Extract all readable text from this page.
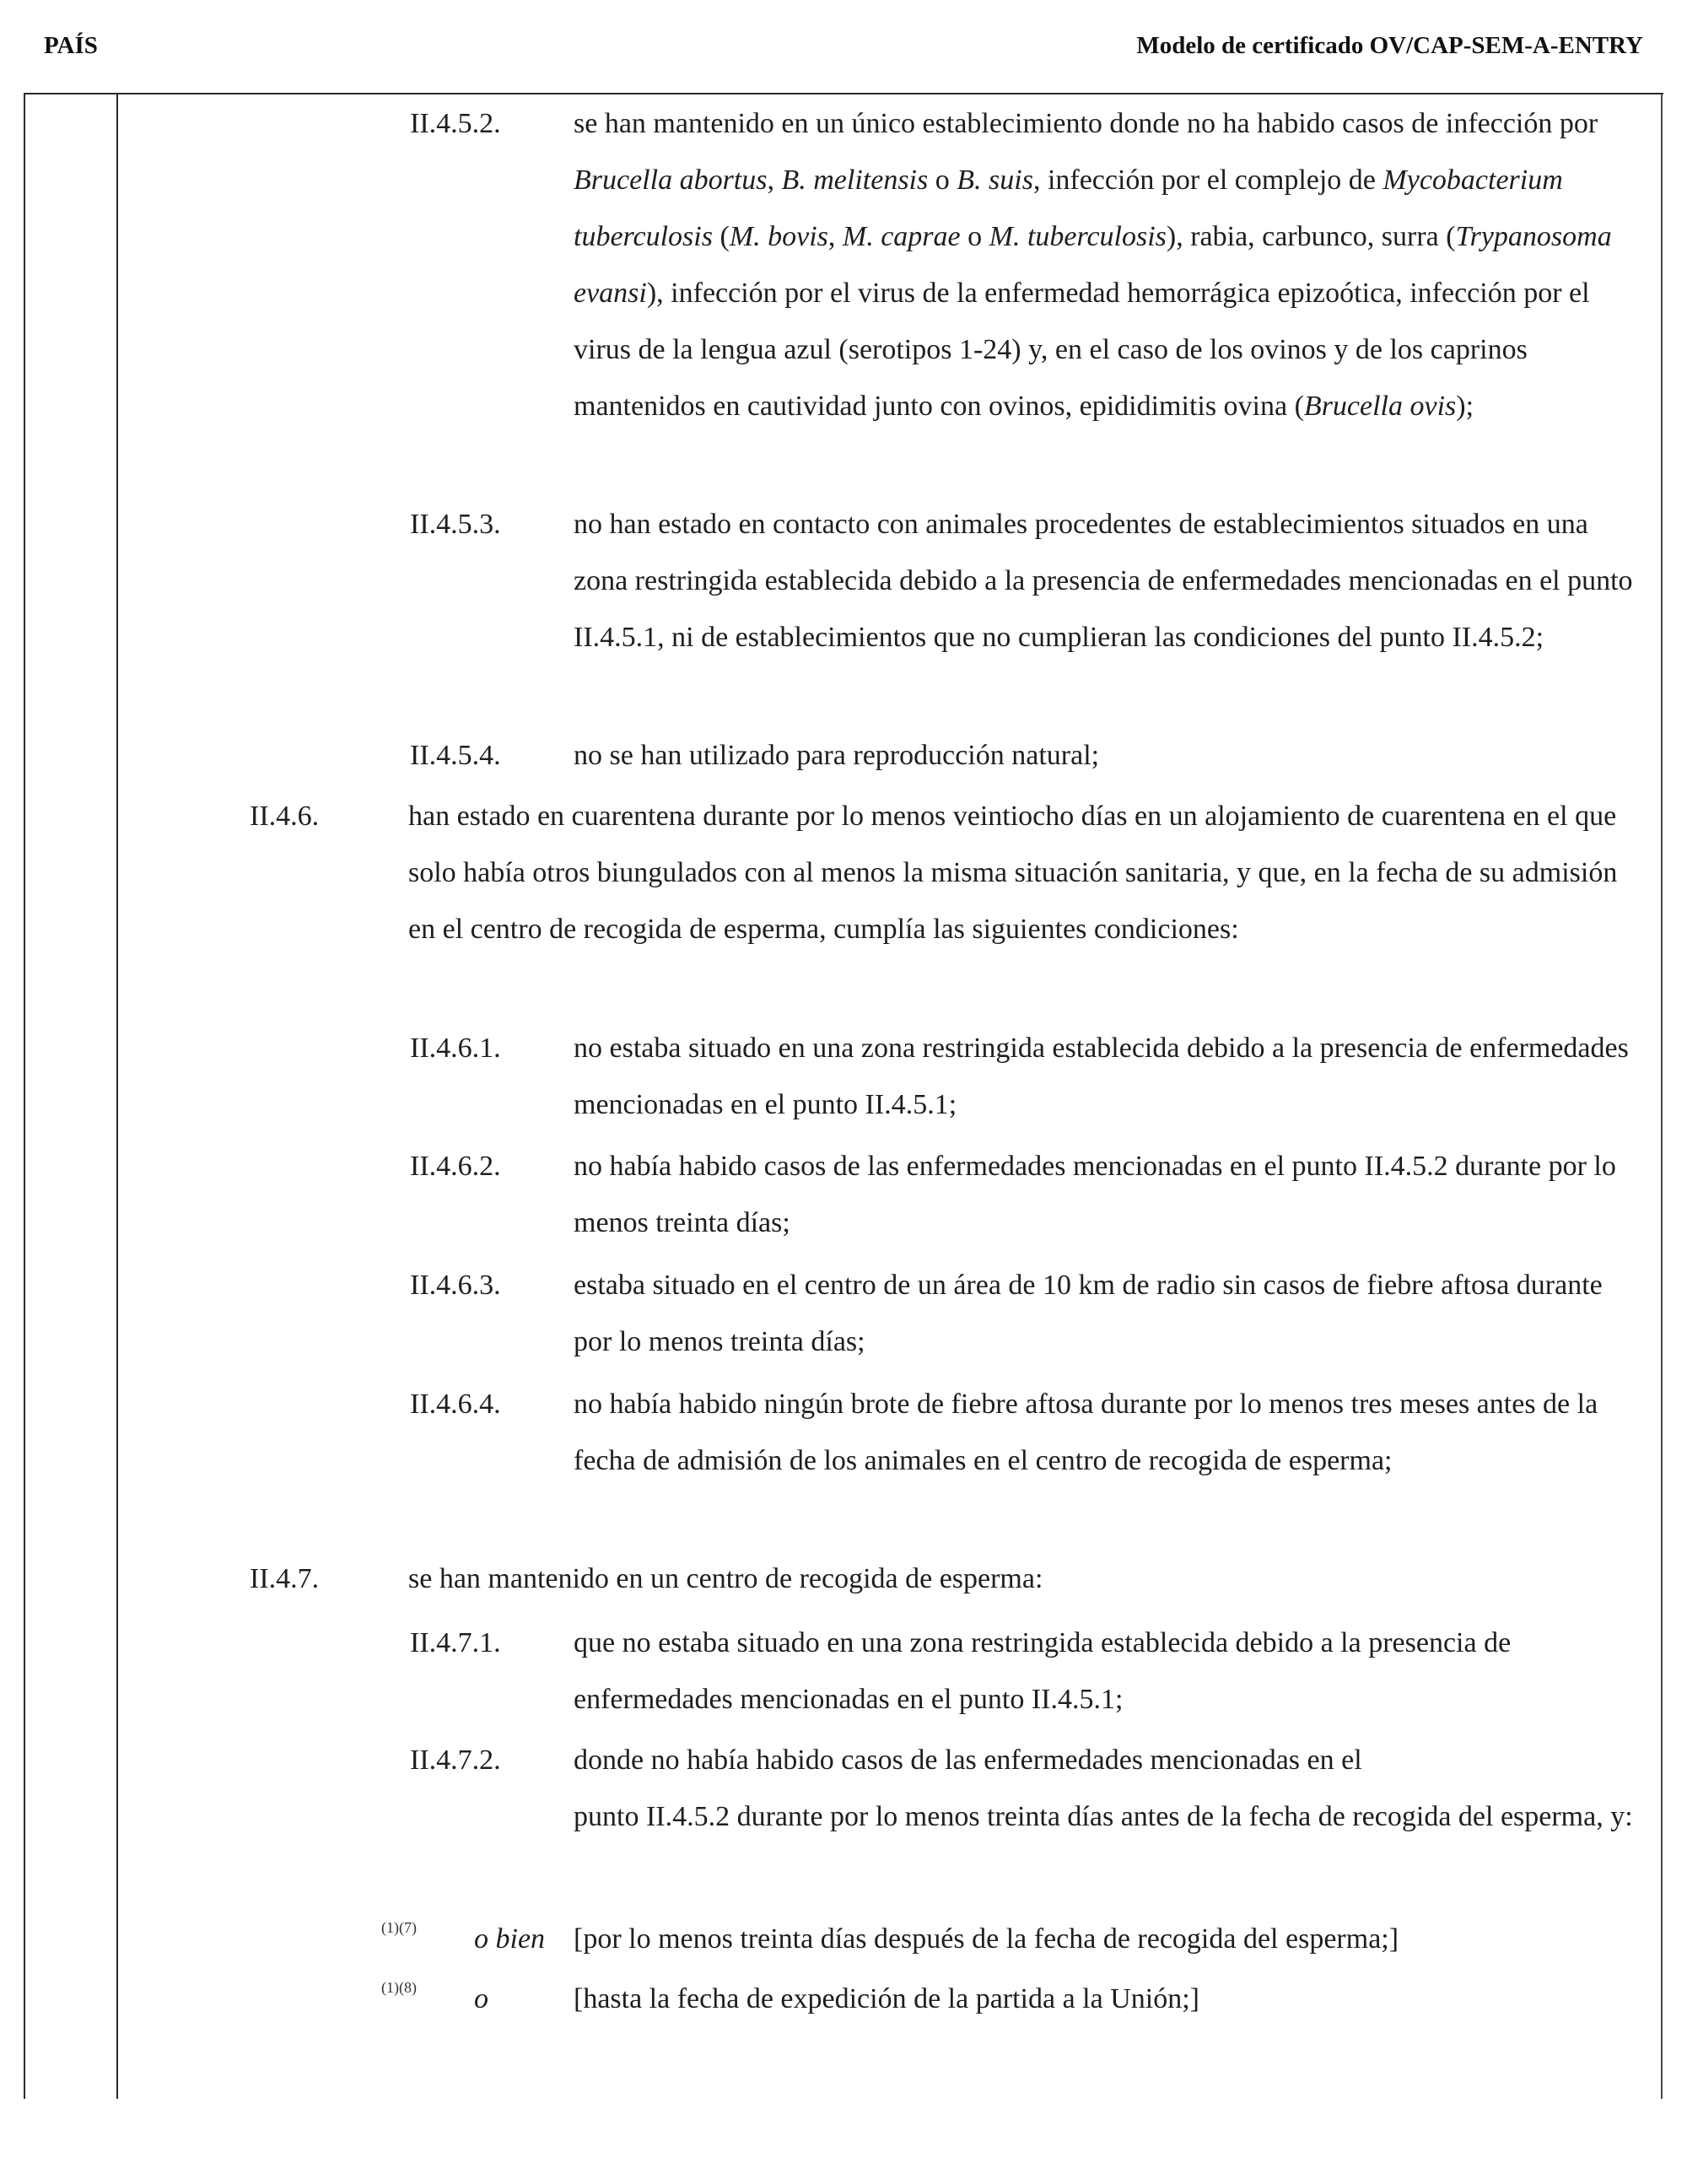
PAÍS	Modelo de certificado OV/CAP-SEM-A-ENTRY
II.4.5.2.	se han mantenido en un único establecimiento donde no ha habido casos de infección por Brucella abortus, B. melitensis o B. suis, infección por el complejo de Mycobacterium tuberculosis (M. bovis, M. caprae o M. tuberculosis), rabia, carbunco, surra (Trypanosoma evansi), infección por el virus de la enfermedad hemorrágica epizoótica, infección por el virus de la lengua azul (serotipos 1-24) y, en el caso de los ovinos y de los caprinos mantenidos en cautividad junto con ovinos, epididimitis ovina (Brucella ovis);

II.4.5.3.	no han estado en contacto con animales procedentes de establecimientos situados en una zona restringida establecida debido a la presencia de enfermedades mencionadas en el punto II.4.5.1, ni de establecimientos que no cumplieran las condiciones del punto II.4.5.2;
II.4.5.4.	no se han utilizado para reproducción natural;
II.4.6.	han estado en cuarentena durante por lo menos veintiocho días en un alojamiento de cuarentena en el que solo había otros biungulados con al menos la misma situación sanitaria, y que, en la fecha de su admisión en el centro de recogida de esperma, cumplía las siguientes condiciones:
II.4.6.1.	no estaba situado en una zona restringida establecida debido a la presencia de enfermedades mencionadas en el punto II.4.5.1;
II.4.6.2.	no había habido casos de las enfermedades mencionadas en el punto II.4.5.2 durante por lo menos treinta días;
II.4.6.3.	estaba situado en el centro de un área de 10 km de radio sin casos de fiebre aftosa durante por lo menos treinta días;
II.4.6.4.	no había habido ningún brote de fiebre aftosa durante por lo menos tres meses antes de la fecha de admisión de los animales en el centro de recogida de esperma;
II.4.7.	se han mantenido en un centro de recogida de esperma:
II.4.7.1.	que no estaba situado en una zona restringida establecida debido a la presencia de enfermedades mencionadas en el punto II.4.5.1;
II.4.7.2.	donde no había habido casos de las enfermedades mencionadas en el

punto II.4.5.2 durante por lo menos treinta días antes de la fecha de recogida del esperma, y:

(1)(7) o bien [por lo menos treinta días después de la fecha de recogida del esperma;]
(1)(8) o	[hasta la fecha de expedición de la partida a la Unión;]
